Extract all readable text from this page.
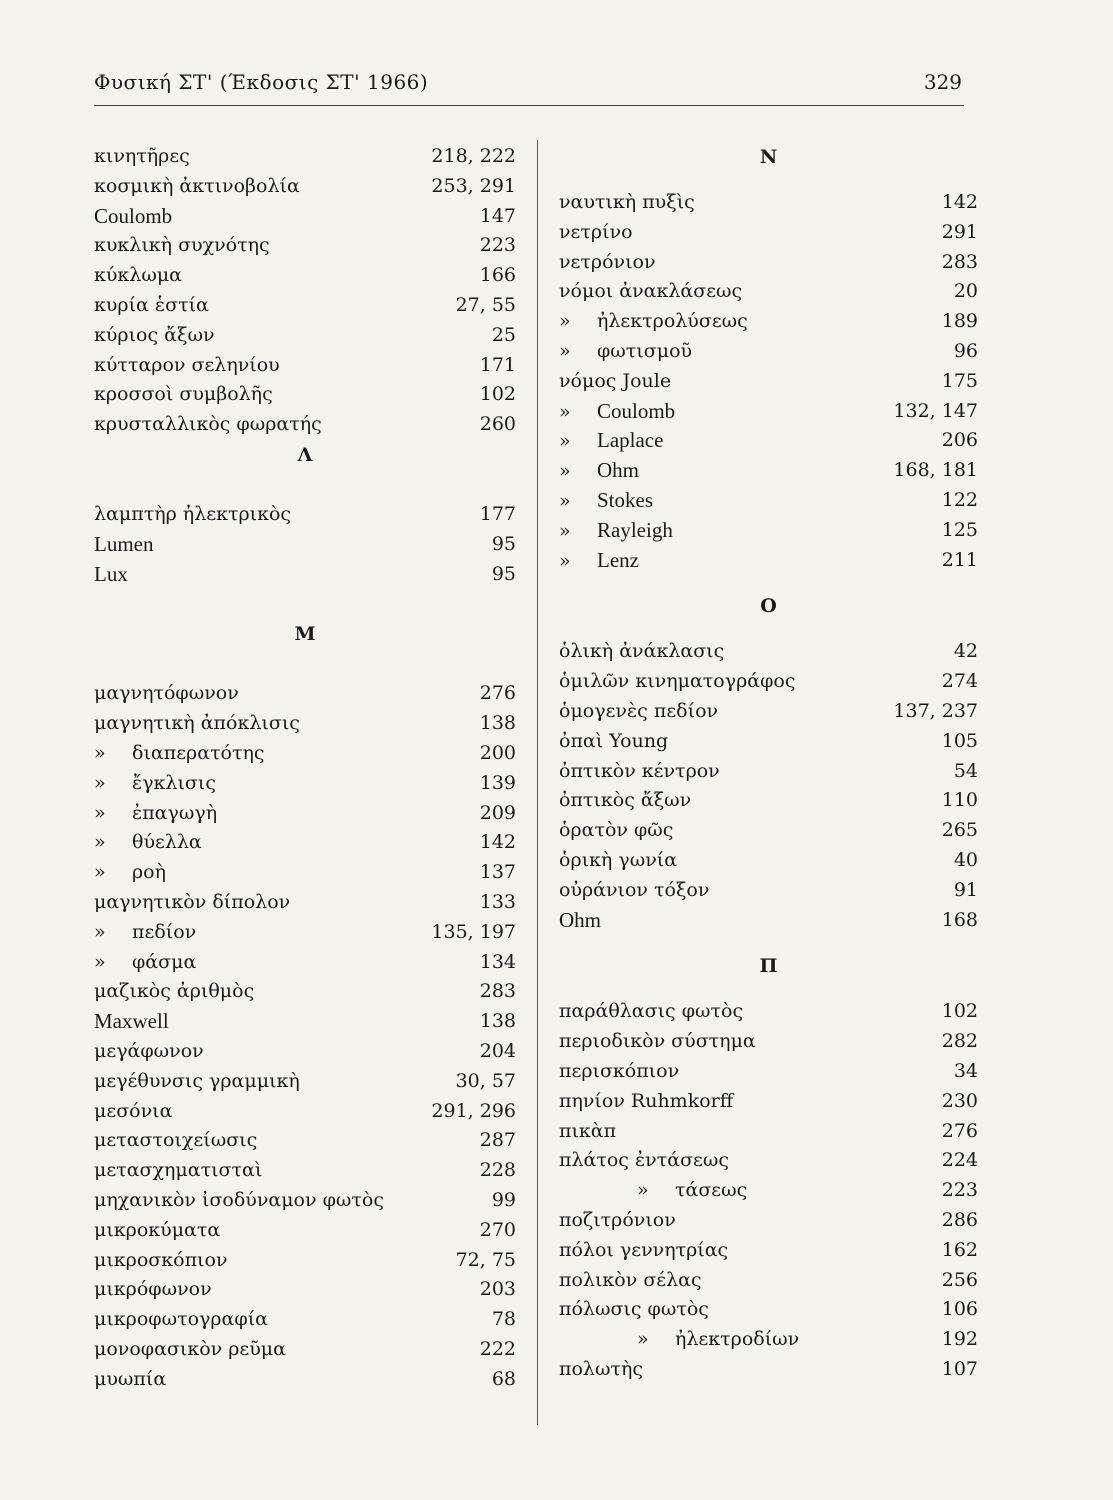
Φυσική ΣΤ' (Έκδοσις ΣΤ' 1966)	329
κινητῆρες	218, 222
κοσμικὴ ἀκτινοβολία	253, 291
Coulomb	147
κυκλικὴ συχνότης	223
κύκλωμα	166
κυρία ἑστία	27, 55
κύριος ἄξων	25
κύτταρον σεληνίου	171
κροσσοὶ συμβολῆς	102
κρυσταλλικὸς φωρατής	260
Λ
λαμπτὴρ ἠλεκτρικὸς	177
Lumen	95
Lux	95
Μ
μαγνητόφωνον	276
μαγνητικὴ ἀπόκλισις	138
» διαπερατότης	200
» ἔγκλισις	139
» ἐπαγωγὴ	209
» θύελλα	142
» ροὴ	137
μαγνητικὸν δίπολον	133
» πεδίον	135, 197
» φάσμα	134
μαζικὸς ἀριθμὸς	283
Maxwell	138
μεγάφωνον	204
μεγέθυνσις γραμμικὴ	30, 57
μεσόνια	291, 296
μεταστοιχείωσις	287
μετασχηματισταὶ	228
μηχανικὸν ἰσοδύναμον φωτὸς	99
μικροκύματα	270
μικροσκόπιον	72, 75
μικρόφωνον	203
μικροφωτογραφία	78
μονοφασικὸν ρεῦμα	222
μυωπία	68
Ν
ναυτικὴ πυξὶς	142
νετρίνο	291
νετρόνιον	283
νόμοι ἀνακλάσεως	20
» ἠλεκτρολύσεως	189
» φωτισμοῦ	96
νόμος Joule	175
» Coulomb	132, 147
» Laplace	206
» Ohm	168, 181
» Stokes	122
» Rayleigh	125
» Lenz	211
Ο
ὁλικὴ ἀνάκλασις	42
ὁμιλῶν κινηματογράφος	274
ὁμογενὲς πεδίον	137, 237
ὀπαὶ Young	105
ὀπτικὸν κέντρον	54
ὀπτικὸς ἄξων	110
ὁρατὸν φῶς	265
ὁρικὴ γωνία	40
οὐράνιον τόξον	91
Ohm	168
Π
παράθλασις φωτὸς	102
περιοδικὸν σύστημα	282
περισκόπιον	34
πηνίον Ruhmkorff	230
πικὰπ	276
πλάτος ἐντάσεως	224
» τάσεως	223
ποζιτρόνιον	286
πόλοι γεννητρίας	162
πολικὸν σέλας	256
πόλωσις φωτὸς	106
» ἠλεκτροδίων	192
πολωτὴς	107
